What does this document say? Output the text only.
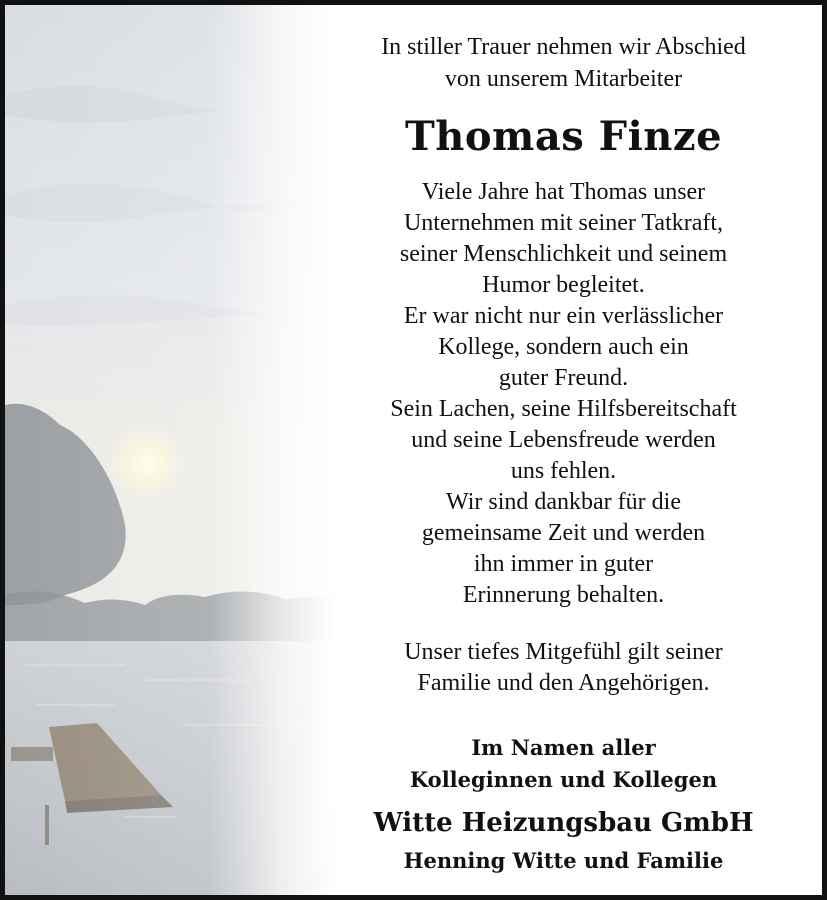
In stiller Trauer nehmen wir Abschied
von unserem Mitarbeiter
Thomas Finze
Viele Jahre hat Thomas unser
Unternehmen mit seiner Tatkraft,
seiner Menschlichkeit und seinem
Humor begleitet.
Er war nicht nur ein verlässlicher
Kollege, sondern auch ein
guter Freund.
Sein Lachen, seine Hilfsbereitschaft
und seine Lebensfreude werden
uns fehlen.
Wir sind dankbar für die
gemeinsame Zeit und werden
ihn immer in guter
Erinnerung behalten.
Unser tiefes Mitgefühl gilt seiner
Familie und den Angehörigen.
Im Namen aller
Kolleginnen und Kollegen
Witte Heizungsbau GmbH
Henning Witte und Familie
